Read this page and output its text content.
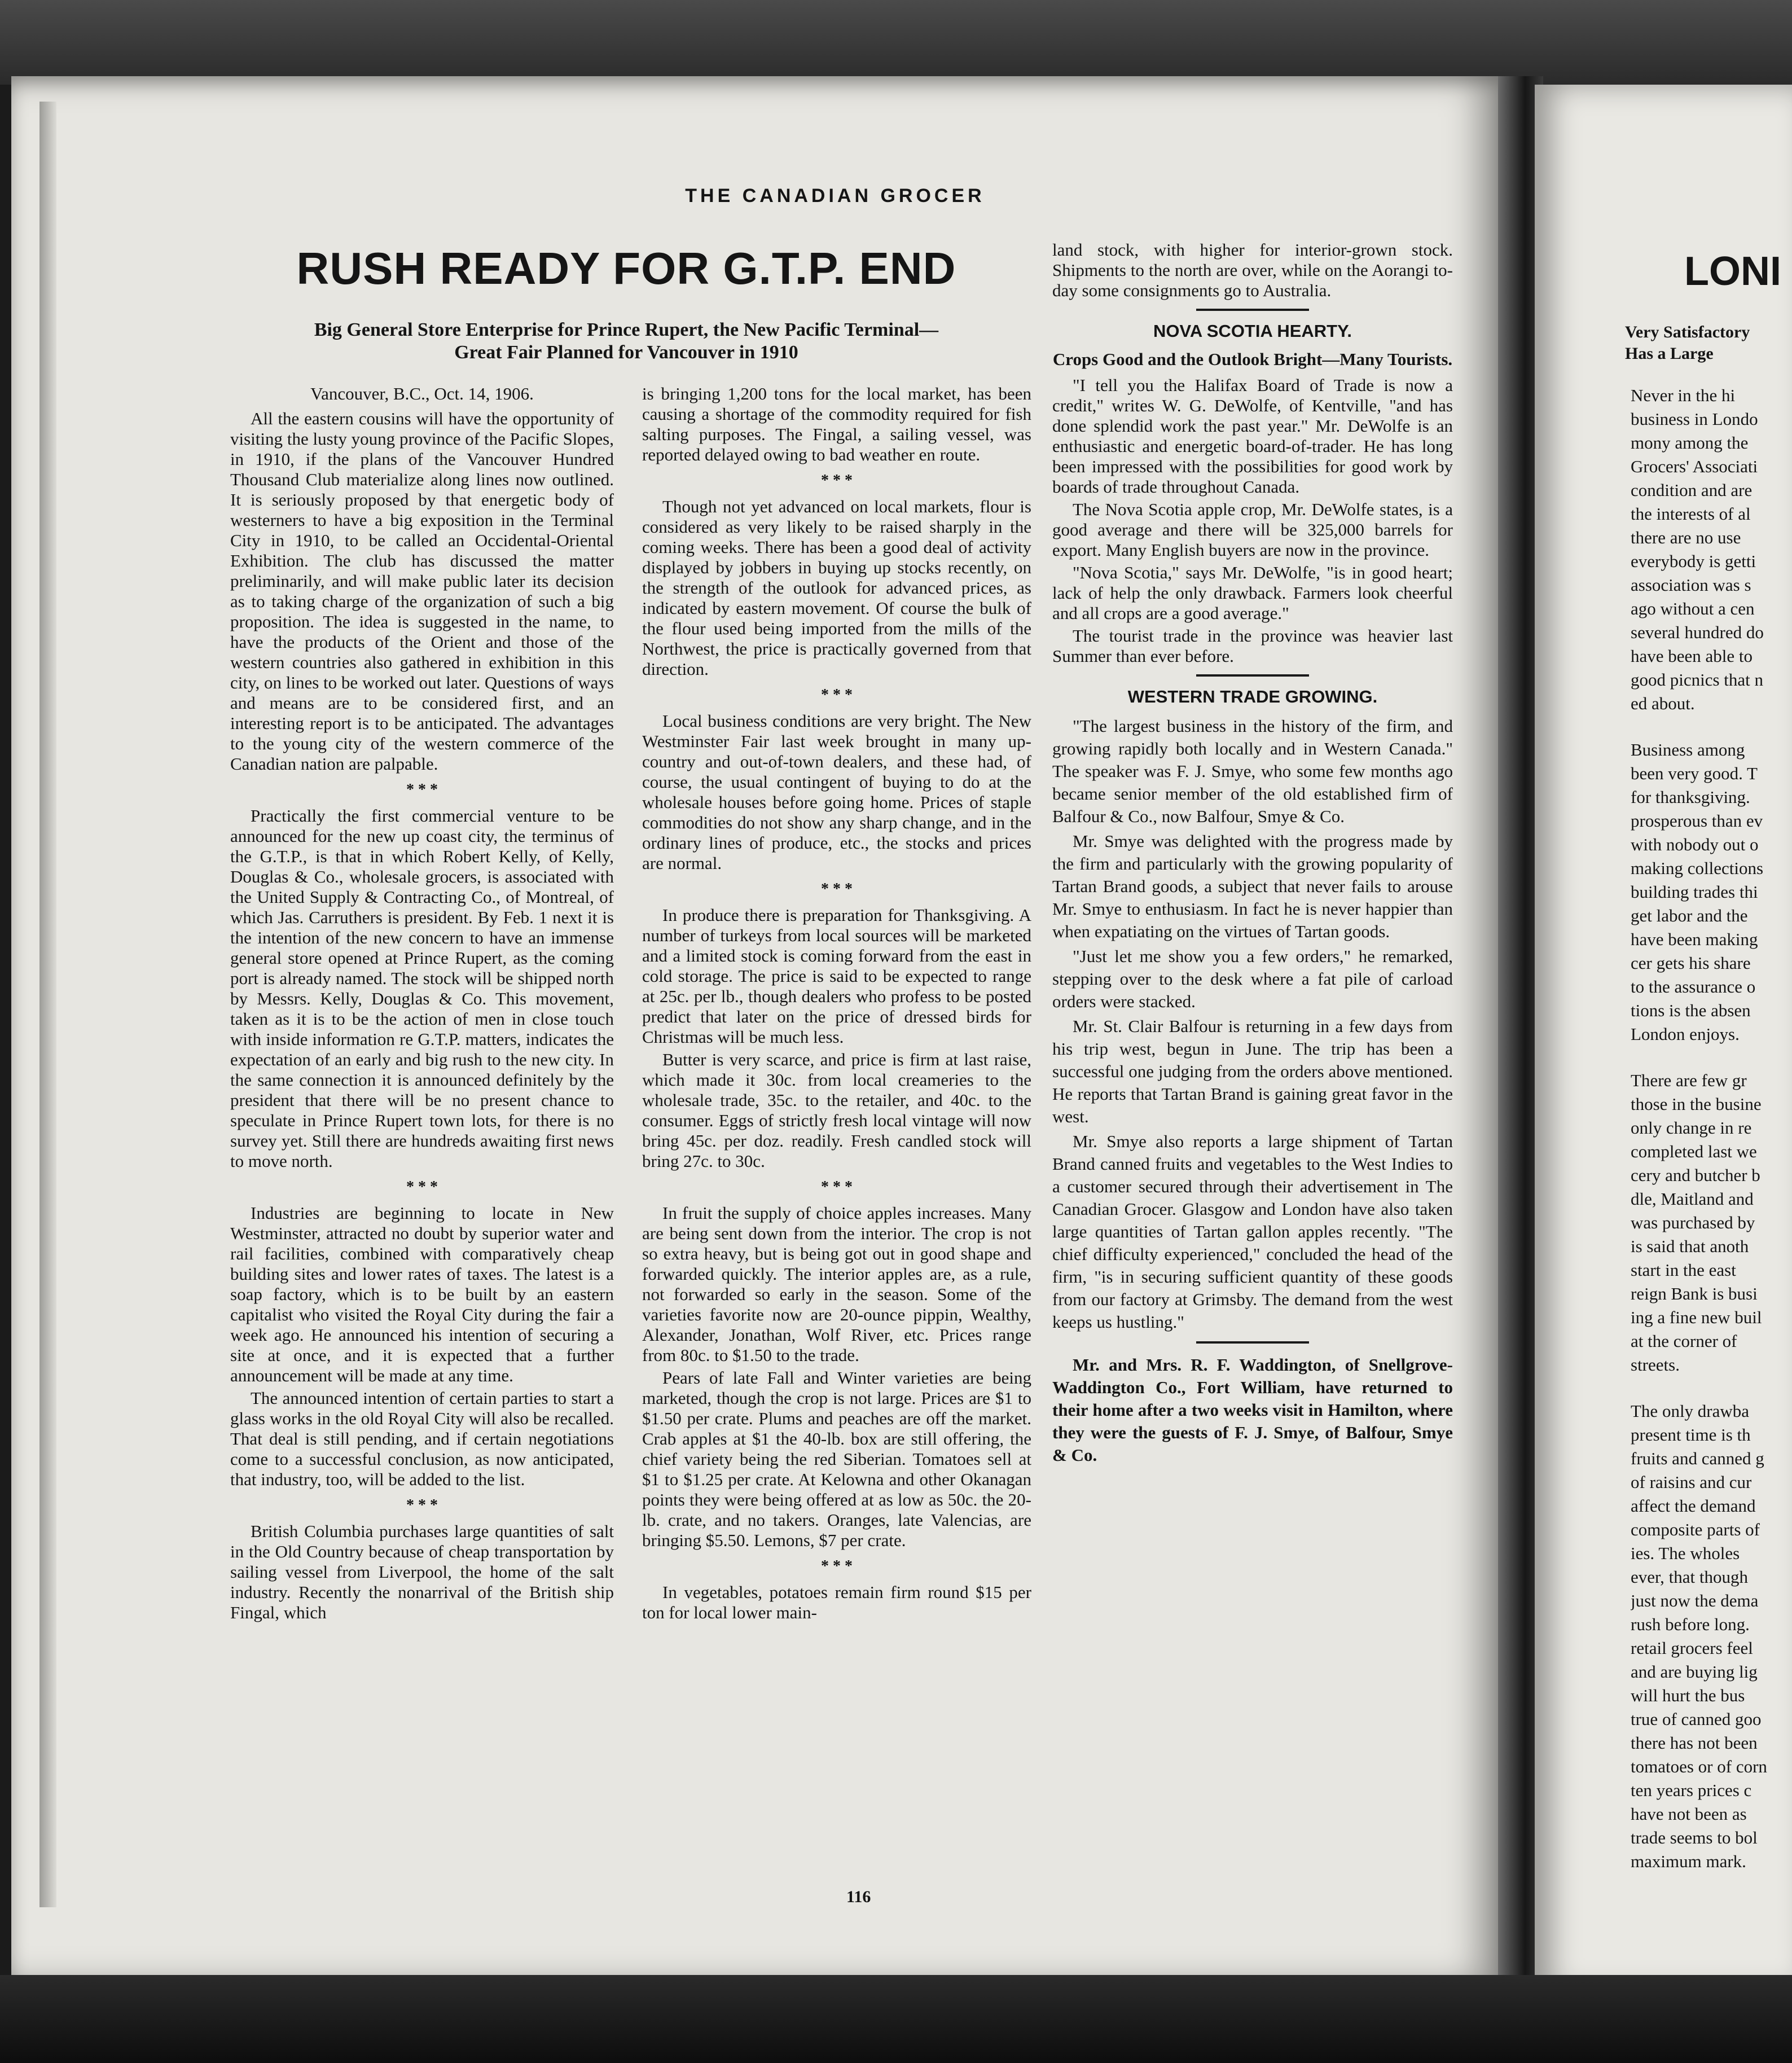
THE CANADIAN GROCER
RUSH READY FOR G.T.P. END
Big General Store Enterprise for Prince Rupert, the New Pacific Terminal—
Great Fair Planned for Vancouver in 1910

Vancouver, B.C., Oct. 14, 1906.

All the eastern cousins will have the opportunity of visiting the lusty young province of the Pacific Slopes, in 1910, if the plans of the Vancouver Hundred Thousand Club materialize along lines now outlined. It is seriously proposed by that energetic body of westerners to have a big exposition in the Terminal City in 1910, to be called an Occidental-Oriental Exhibition. The club has discussed the matter preliminarily, and will make public later its decision as to taking charge of the organization of such a big proposition. The idea is suggested in the name, to have the products of the Orient and those of the western countries also gathered in exhibition in this city, on lines to be worked out later. Questions of ways and means are to be considered first, and an interesting report is to be anticipated. The advantages to the young city of the western commerce of the Canadian nation are palpable.

* * *

Practically the first commercial venture to be announced for the new up coast city, the terminus of the G.T.P., is that in which Robert Kelly, of Kelly, Douglas & Co., wholesale grocers, is associated with the United Supply & Contracting Co., of Montreal, of which Jas. Carruthers is president. By Feb. 1 next it is the intention of the new concern to have an immense general store opened at Prince Rupert, as the coming port is already named. The stock will be shipped north by Messrs. Kelly, Douglas & Co. This movement, taken as it is to be the action of men in close touch with inside information re G.T.P. matters, indicates the expectation of an early and big rush to the new city. In the same connection it is announced definitely by the president that there will be no present chance to speculate in Prince Rupert town lots, for there is no survey yet. Still there are hundreds awaiting first news to move north.

* * *

Industries are beginning to locate in New Westminster, attracted no doubt by superior water and rail facilities, combined with comparatively cheap building sites and lower rates of taxes. The latest is a soap factory, which is to be built by an eastern capitalist who visited the Royal City during the fair a week ago. He announced his intention of securing a site at once, and it is expected that a further announcement will be made at any time.

The announced intention of certain parties to start a glass works in the old Royal City will also be recalled. That deal is still pending, and if certain negotiations come to a successful conclusion, as now anticipated, that industry, too, will be added to the list.

* * *

British Columbia purchases large quantities of salt in the Old Country because of cheap transportation by sailing vessel from Liverpool, the home of the salt industry. Recently the nonarrival of the British ship Fingal, which

is bringing 1,200 tons for the local market, has been causing a shortage of the commodity required for fish salting purposes. The Fingal, a sailing vessel, was reported delayed owing to bad weather en route.

* * *

Though not yet advanced on local markets, flour is considered as very likely to be raised sharply in the coming weeks. There has been a good deal of activity displayed by jobbers in buying up stocks recently, on the strength of the outlook for advanced prices, as indicated by eastern movement. Of course the bulk of the flour used being imported from the mills of the Northwest, the price is practically governed from that direction.

* * *

Local business conditions are very bright. The New Westminster Fair last week brought in many up-country and out-of-town dealers, and these had, of course, the usual contingent of buying to do at the wholesale houses before going home. Prices of staple commodities do not show any sharp change, and in the ordinary lines of produce, etc., the stocks and prices are normal.

* * *

In produce there is preparation for Thanksgiving. A number of turkeys from local sources will be marketed and a limited stock is coming forward from the east in cold storage. The price is said to be expected to range at 25c. per lb., though dealers who profess to be posted predict that later on the price of dressed birds for Christmas will be much less.

Butter is very scarce, and price is firm at last raise, which made it 30c. from local creameries to the wholesale trade, 35c. to the retailer, and 40c. to the consumer. Eggs of strictly fresh local vintage will now bring 45c. per doz. readily. Fresh candled stock will bring 27c. to 30c.

* * *

In fruit the supply of choice apples increases. Many are being sent down from the interior. The crop is not so extra heavy, but is being got out in good shape and forwarded quickly. The interior apples are, as a rule, not forwarded so early in the season. Some of the varieties favorite now are 20-ounce pippin, Wealthy, Alexander, Jonathan, Wolf River, etc. Prices range from 80c. to $1.50 to the trade.

Pears of late Fall and Winter varieties are being marketed, though the crop is not large. Prices are $1 to $1.50 per crate. Plums and peaches are off the market. Crab apples at $1 the 40-lb. box are still offering, the chief variety being the red Siberian. Tomatoes sell at $1 to $1.25 per crate. At Kelowna and other Okanagan points they were being offered at as low as 50c. the 20-lb. crate, and no takers. Oranges, late Valencias, are bringing $5.50. Lemons, $7 per crate.

* * *

In vegetables, potatoes remain firm round $15 per ton for local lower main-

land stock, with higher for interior-grown stock. Shipments to the north are over, while on the Aorangi to-day some consignments go to Australia.

NOVA SCOTIA HEARTY.
Crops Good and the Outlook Bright—Many Tourists.

"I tell you the Halifax Board of Trade is now a credit," writes W. G. DeWolfe, of Kentville, "and has done splendid work the past year." Mr. DeWolfe is an enthusiastic and energetic board-of-trader. He has long been impressed with the possibilities for good work by boards of trade throughout Canada.

The Nova Scotia apple crop, Mr. DeWolfe states, is a good average and there will be 325,000 barrels for export. Many English buyers are now in the province.

"Nova Scotia," says Mr. DeWolfe, "is in good heart; lack of help the only drawback. Farmers look cheerful and all crops are a good average."

The tourist trade in the province was heavier last Summer than ever before.

WESTERN TRADE GROWING.

"The largest business in the history of the firm, and growing rapidly both locally and in Western Canada." The speaker was F. J. Smye, who some few months ago became senior member of the old established firm of Balfour & Co., now Balfour, Smye & Co.

Mr. Smye was delighted with the progress made by the firm and particularly with the growing popularity of Tartan Brand goods, a subject that never fails to arouse Mr. Smye to enthusiasm. In fact he is never happier than when expatiating on the virtues of Tartan goods.

"Just let me show you a few orders," he remarked, stepping over to the desk where a fat pile of carload orders were stacked.

Mr. St. Clair Balfour is returning in a few days from his trip west, begun in June. The trip has been a successful one judging from the orders above mentioned. He reports that Tartan Brand is gaining great favor in the west.

Mr. Smye also reports a large shipment of Tartan Brand canned fruits and vegetables to the West Indies to a customer secured through their advertisement in The Canadian Grocer. Glasgow and London have also taken large quantities of Tartan gallon apples recently. "The chief difficulty experienced," concluded the head of the firm, "is in securing sufficient quantity of these goods from our factory at Grimsby. The demand from the west keeps us hustling."

Mr. and Mrs. R. F. Waddington, of Snellgrove-Waddington Co., Fort William, have returned to their home after a two weeks visit in Hamilton, where they were the guests of F. J. Smye, of Balfour, Smye & Co.

116
LONI
Very Satisfactory
Has a Large
Never in the hi
business in Londo
mony among the
Grocers' Associati
condition and are
the interests of al
there are no use
everybody is getti
association was s
ago without a cen
several hundred do
have been able to
good picnics that n
ed about.
Business among
been very good. T
for thanksgiving.
prosperous than ev
with nobody out o
making collections
building trades thi
get labor and the
have been making
cer gets his share
to the assurance o
tions is the absen
London enjoys.
There are few gr
those in the busine
only change in re
completed last we
cery and butcher b
dle, Maitland and
was purchased by
is said that anoth
start in the east
reign Bank is busi
ing a fine new buil
at the corner of
streets.
The only drawba
present time is th
fruits and canned g
of raisins and cur
affect the demand
composite parts of
ies. The wholes
ever, that though
just now the dema
rush before long.
retail grocers feel
and are buying lig
will hurt the bus
true of canned goo
there has not been
tomatoes or of corn
ten years prices c
have not been as
trade seems to bol
maximum mark.
